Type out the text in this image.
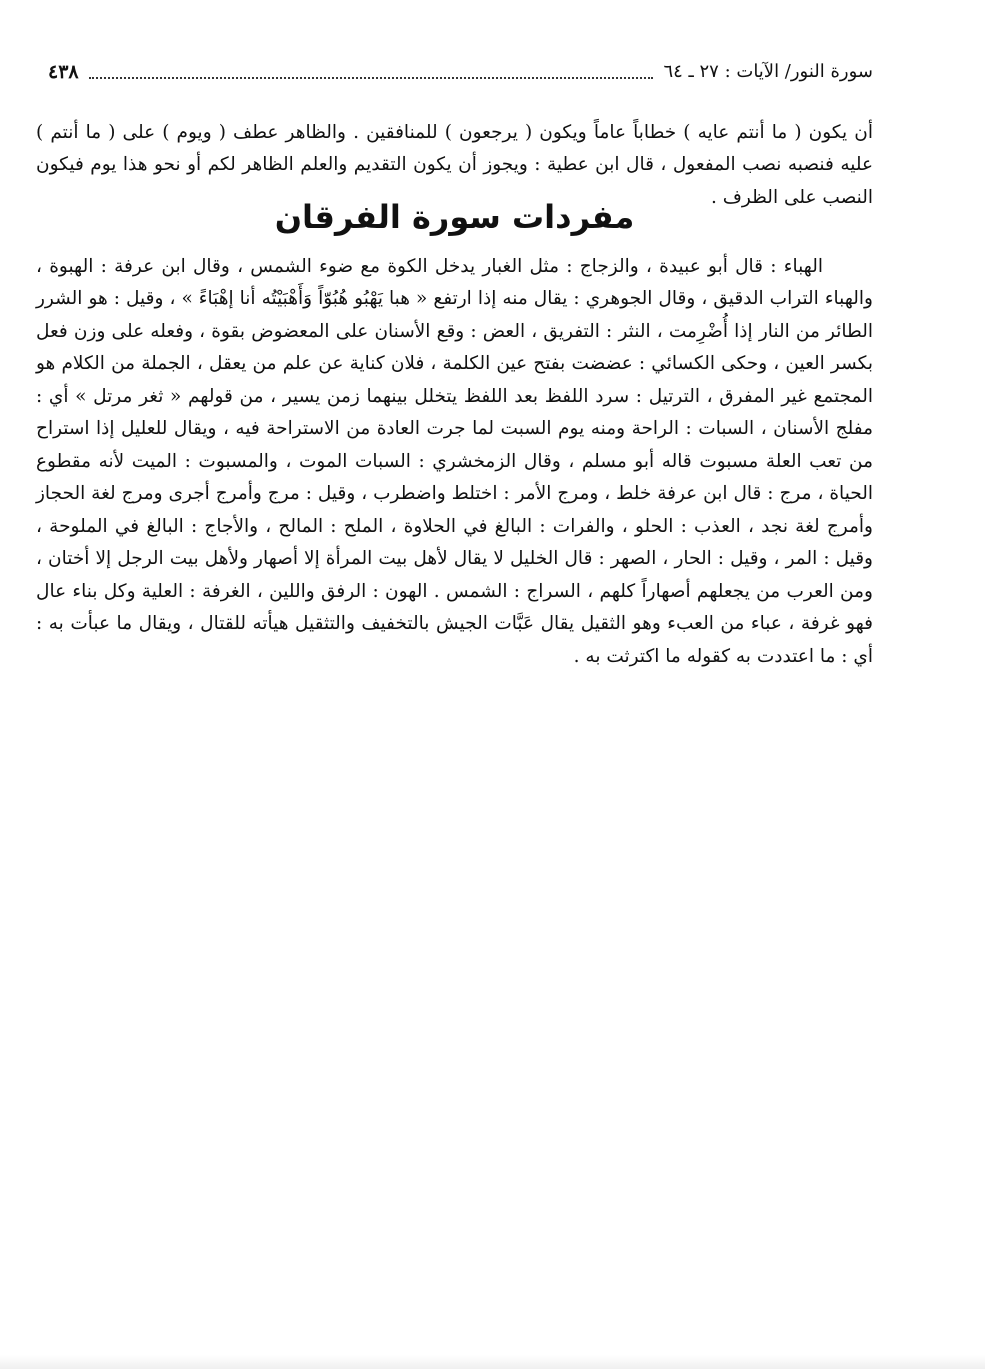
سورة النور/ الآيات : ٢٧ ـ ٦٤
٤٣٨

أن يكون ( ما أنتم عايه ) خطاباً عاماً ويكون ( يرجعون ) للمنافقين . والظاهر عطف ( ويوم ) على ( ما أنتم ) عليه فنصبه نصب المفعول ، قال ابن عطية : ويجوز أن يكون التقديم والعلم الظاهر لكم أو نحو هذا يوم فيكون النصب على الظرف .

مفردات سورة الفرقان

الهباء : قال أبو عبيدة ، والزجاج : مثل الغبار يدخل الكوة مع ضوء الشمس ، وقال ابن عرفة : الهبوة ، والهباء التراب الدقيق ، وقال الجوهري : يقال منه إذا ارتفع « هبا يَهْبُو هُبُوّاً وَأَهْبَيْتُه أنا إهْبَاءً » ، وقيل : هو الشرر الطائر من النار إذا أُضْرِمت ، النثر : التفريق ، العض : وقع الأسنان على المعضوض بقوة ، وفعله على وزن فعل بكسر العين ، وحكى الكسائي : عضضت بفتح عين الكلمة ، فلان كناية عن علم من يعقل ، الجملة من الكلام هو المجتمع غير المفرق ، الترتيل : سرد اللفظ بعد اللفظ يتخلل بينهما زمن يسير ، من قولهم « ثغر مرتل » أي : مفلج الأسنان ، السبات : الراحة ومنه يوم السبت لما جرت العادة من الاستراحة فيه ، ويقال للعليل إذا استراح من تعب العلة مسبوت قاله أبو مسلم ، وقال الزمخشري : السبات الموت ، والمسبوت : الميت لأنه مقطوع الحياة ، مرج : قال ابن عرفة خلط ، ومرج الأمر : اختلط واضطرب ، وقيل : مرج وأمرج أجرى ومرج لغة الحجاز وأمرج لغة نجد ، العذب : الحلو ، والفرات : البالغ في الحلاوة ، الملح : المالح ، والأجاج : البالغ في الملوحة ، وقيل : المر ، وقيل : الحار ، الصهر : قال الخليل لا يقال لأهل بيت المرأة إلا أصهار ولأهل بيت الرجل إلا أختان ، ومن العرب من يجعلهم أصهاراً كلهم ، السراج : الشمس . الهون : الرفق واللين ، الغرفة : العلية وكل بناء عال فهو غرفة ، عباء من العبء وهو الثقيل يقال عَبَّات الجيش بالتخفيف والتثقيل هيأته للقتال ، ويقال ما عبأت به : أي : ما اعتددت به كقوله ما اكترثت به .
